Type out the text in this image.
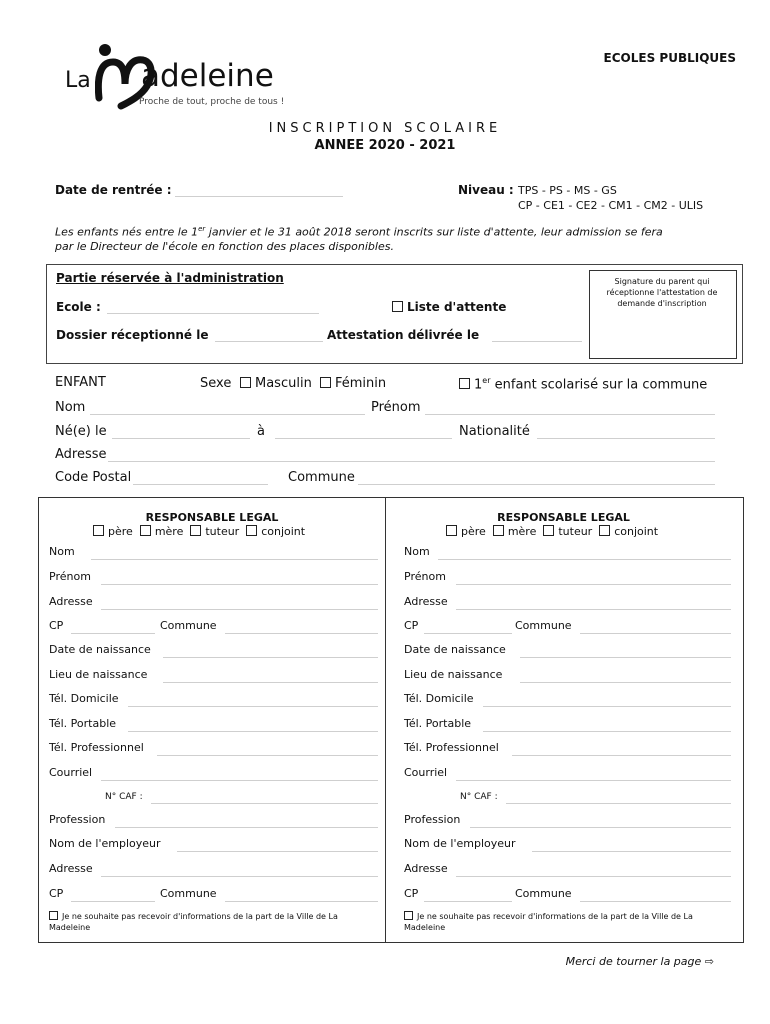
La adeleine
Proche de tout, proche de tous !
ECOLES PUBLIQUES
INSCRIPTION SCOLAIRE
ANNEE 2020 - 2021
Date de rentrée :	Niveau : TPS - PS - MS - GS
CP - CE1 - CE2 - CM1 - CM2 - ULIS
Les enfants nés entre le 1er janvier et le 31 août 2018 seront inscrits sur liste d'attente, leur admission se fera
par le Directeur de l'école en fonction des places disponibles.
Partie réservée à l'administration
Ecole :	Liste d'attente
Dossier réceptionné le	Attestation délivrée le
Signature du parent qui réceptionne l'attestation de demande d'inscription
ENFANT	Sexe	Masculin	Féminin	1er enfant scolarisé sur la commune
Nom	Prénom
Né(e) le	à	Nationalité
Adresse
Code Postal	Commune
RESPONSABLE LEGAL
père mère tuteur conjoint
Nom
Prénom
Adresse
CP	Commune
Date de naissance
Lieu de naissance
Tél. Domicile
Tél. Portable
Tél. Professionnel
Courriel
N° CAF :
Profession
Nom de l'employeur
Adresse
CP	Commune
Je ne souhaite pas recevoir d'informations de la part de la Ville de La Madeleine
RESPONSABLE LEGAL
père mère tuteur conjoint
Nom
Prénom
Adresse
CP	Commune
Date de naissance
Lieu de naissance
Tél. Domicile
Tél. Portable
Tél. Professionnel
Courriel
N° CAF :
Profession
Nom de l'employeur
Adresse
CP	Commune
Je ne souhaite pas recevoir d'informations de la part de la Ville de La Madeleine
Merci de tourner la page ⇨
